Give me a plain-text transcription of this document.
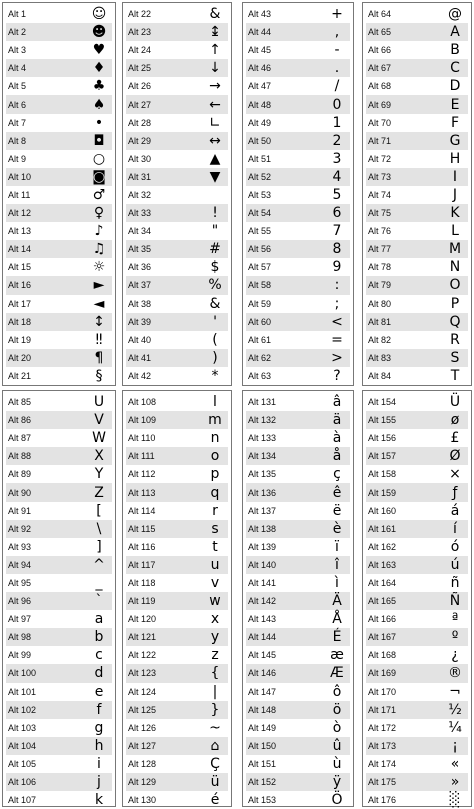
Alt 1	☺
Alt 2	☻
Alt 3	♥
Alt 4	♦
Alt 5	♣
Alt 6	♠
Alt 7	•
Alt 8	◘
Alt 9	○
Alt 10	◙
Alt 11	♂
Alt 12	♀
Alt 13	♪
Alt 14	♫
Alt 15	☼
Alt 16	►
Alt 17	◄
Alt 18	↕
Alt 19	‼
Alt 20	¶
Alt 21	§
Alt 22	&
Alt 23	↨
Alt 24	↑
Alt 25	↓
Alt 26	→
Alt 27	←
Alt 28	∟
Alt 29	↔
Alt 30	▲
Alt 31	▼
Alt 32
Alt 33	!
Alt 34	"
Alt 35	#
Alt 36	$
Alt 37	%
Alt 38	&
Alt 39	'
Alt 40	(
Alt 41	)
Alt 42	*
Alt 43	+
Alt 44	,
Alt 45	-
Alt 46	.
Alt 47	/
Alt 48	0
Alt 49	1
Alt 50	2
Alt 51	3
Alt 52	4
Alt 53	5
Alt 54	6
Alt 55	7
Alt 56	8
Alt 57	9
Alt 58	:
Alt 59	;
Alt 60	<
Alt 61	=
Alt 62	>
Alt 63	?
Alt 64	@
Alt 65	A
Alt 66	B
Alt 67	C
Alt 68	D
Alt 69	E
Alt 70	F
Alt 71	G
Alt 72	H
Alt 73	I
Alt 74	J
Alt 75	K
Alt 76	L
Alt 77	M
Alt 78	N
Alt 79	O
Alt 80	P
Alt 81	Q
Alt 82	R
Alt 83	S
Alt 84	T
Alt 85	U
Alt 86	V
Alt 87	W
Alt 88	X
Alt 89	Y
Alt 90	Z
Alt 91	[
Alt 92	\
Alt 93	]
Alt 94	^
Alt 95	_
Alt 96	`
Alt 97	a
Alt 98	b
Alt 99	c
Alt 100	d
Alt 101	e
Alt 102	f
Alt 103	g
Alt 104	h
Alt 105	i
Alt 106	j
Alt 107	k
Alt 108	l
Alt 109	m
Alt 110	n
Alt 111	o
Alt 112	p
Alt 113	q
Alt 114	r
Alt 115	s
Alt 116	t
Alt 117	u
Alt 118	v
Alt 119	w
Alt 120	x
Alt 121	y
Alt 122	z
Alt 123	{
Alt 124	|
Alt 125	}
Alt 126	~
Alt 127	⌂
Alt 128	Ç
Alt 129	ü
Alt 130	é
Alt 131	â
Alt 132	ä
Alt 133	à
Alt 134	å
Alt 135	ç
Alt 136	ê
Alt 137	ë
Alt 138	è
Alt 139	ï
Alt 140	î
Alt 141	ì
Alt 142	Ä
Alt 143	Å
Alt 144	É
Alt 145	æ
Alt 146	Æ
Alt 147	ô
Alt 148	ö
Alt 149	ò
Alt 150	û
Alt 151	ù
Alt 152	ÿ
Alt 153	Ö
Alt 154	Ü
Alt 155	ø
Alt 156	£
Alt 157	Ø
Alt 158	×
Alt 159	ƒ
Alt 160	á
Alt 161	í
Alt 162	ó
Alt 163	ú
Alt 164	ñ
Alt 165	Ñ
Alt 166	ª
Alt 167	º
Alt 168	¿
Alt 169	®
Alt 170	¬
Alt 171	½
Alt 172	¼
Alt 173	¡
Alt 174	«
Alt 175	»
Alt 176	░
